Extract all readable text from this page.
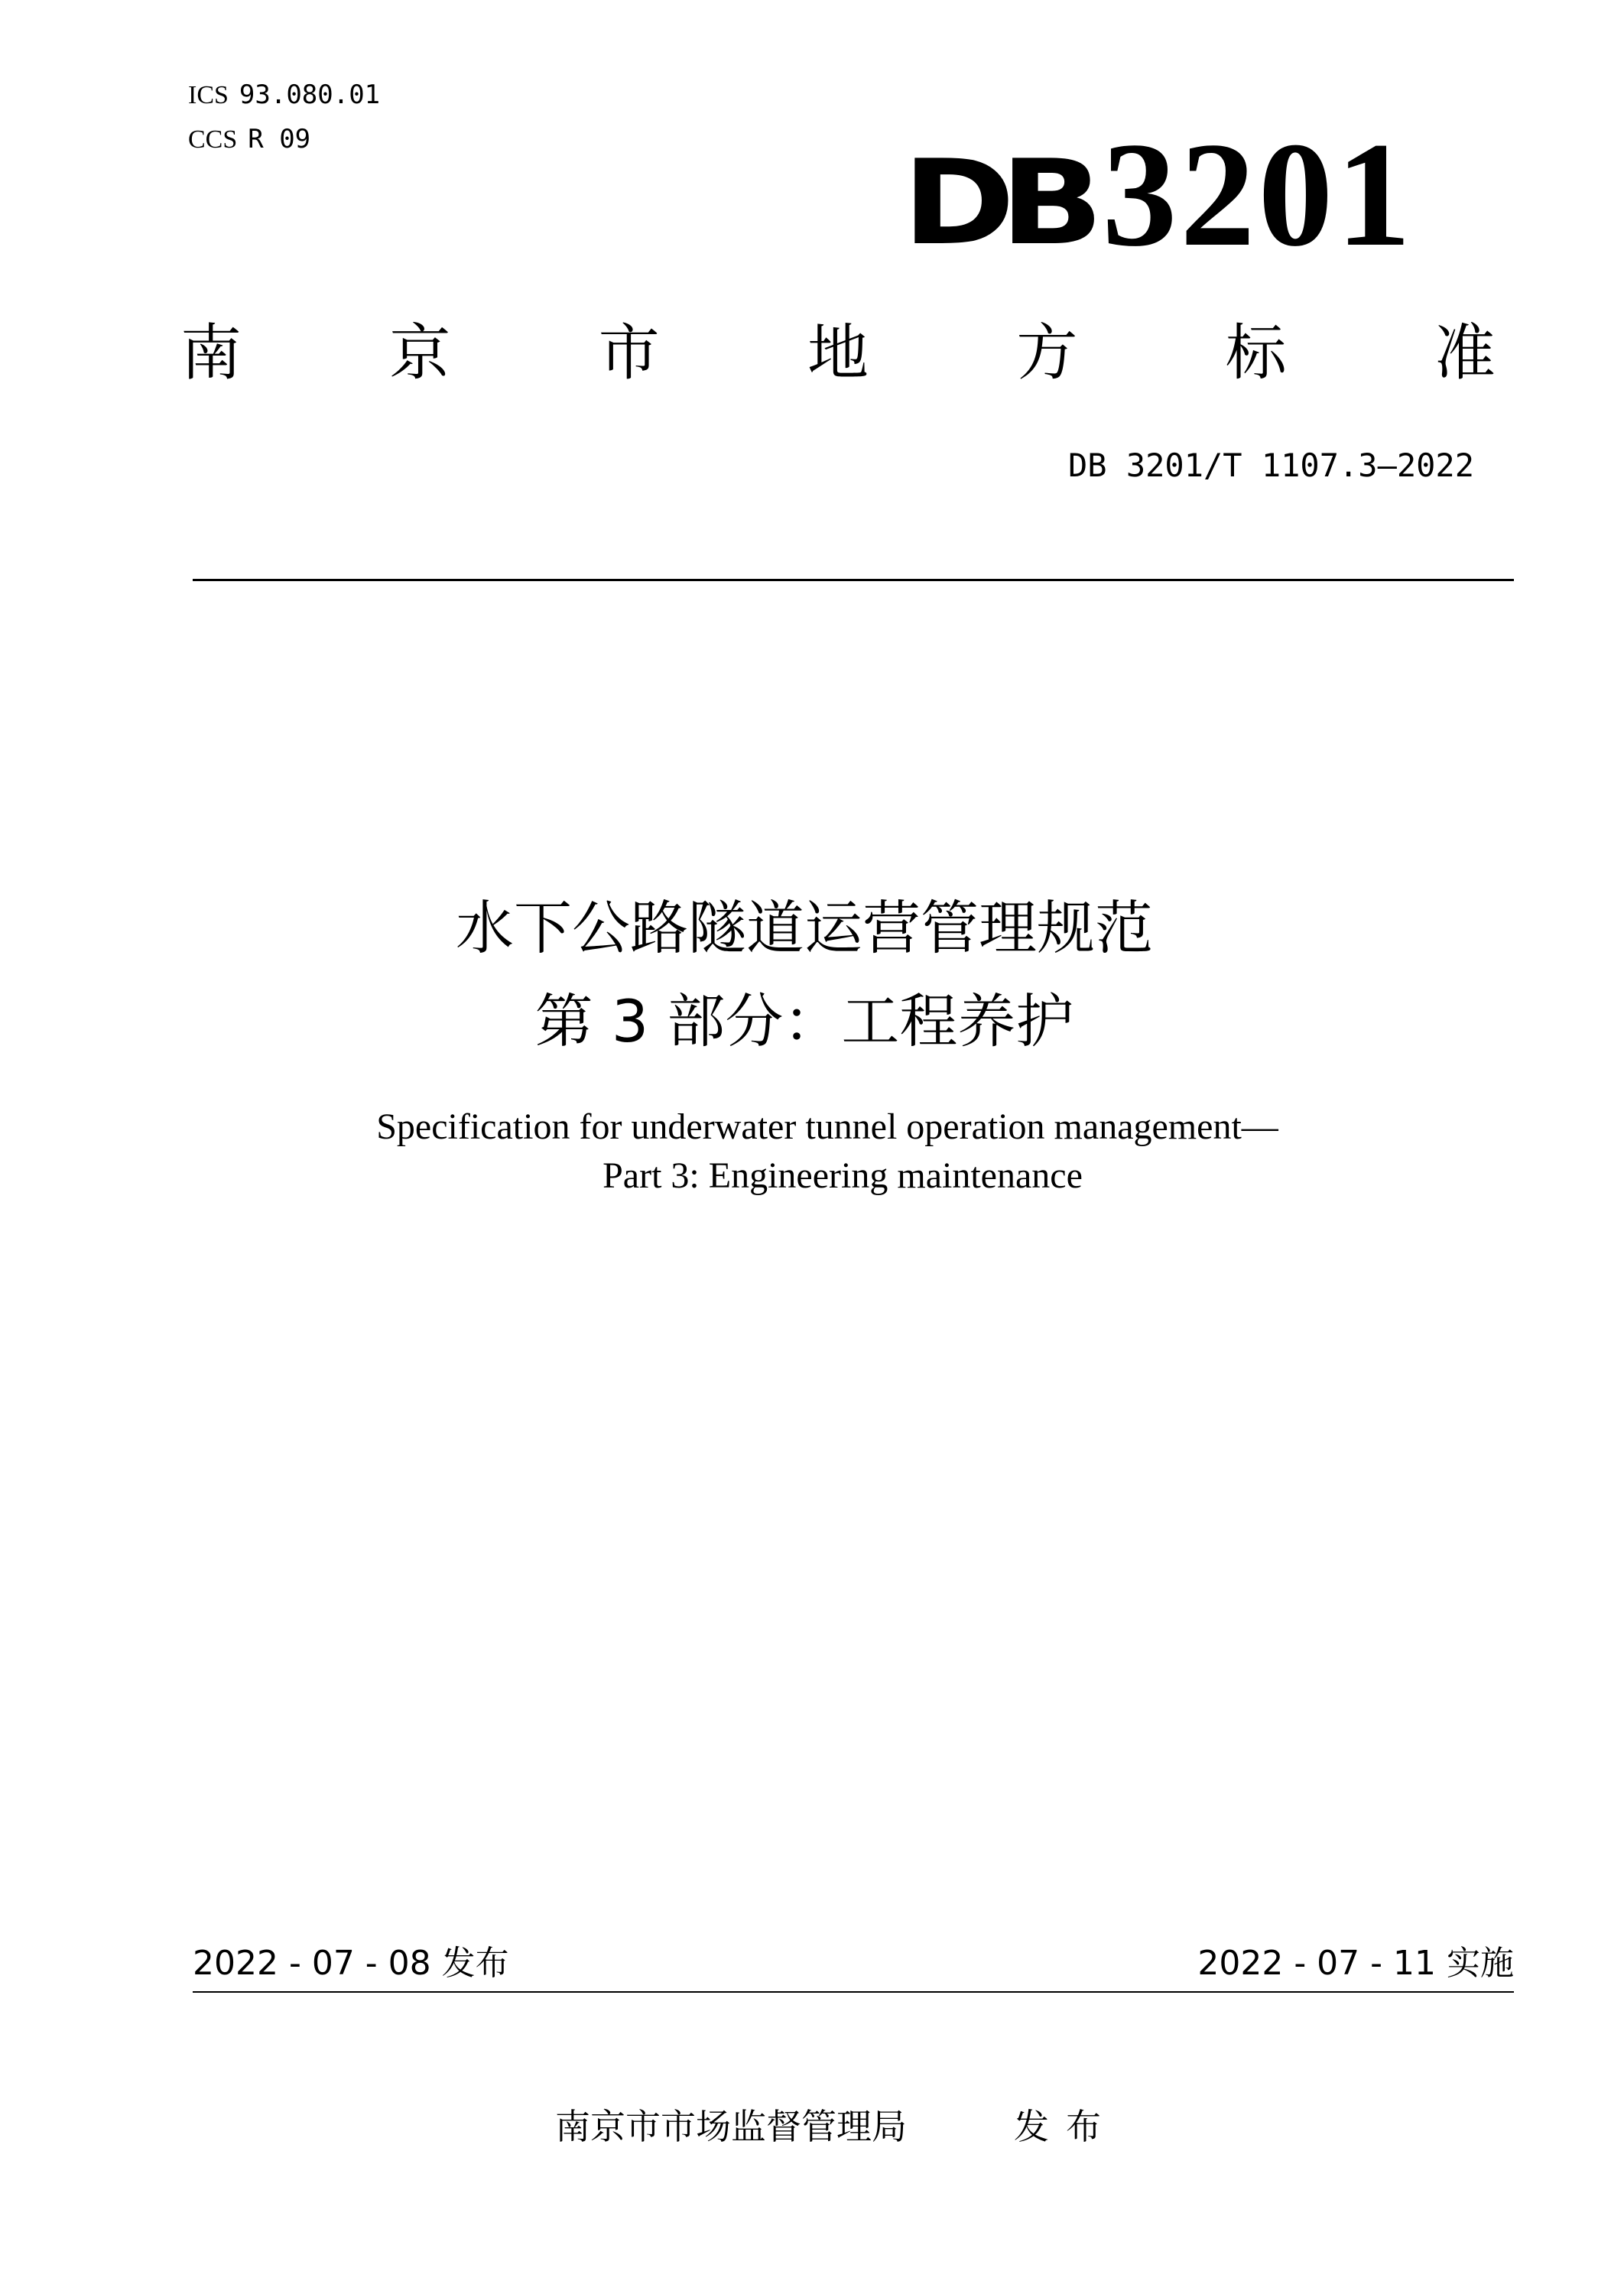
ICS 93.080.01
CCS R 09	DB 3201
南 京 市 地 方 标 准
DB 3201/T 1107.3—2022
水下公路隧道运营管理规范
第 3 部分：工程养护
Specification for underwater tunnel operation management—
Part 3: Engineering maintenance
2022 - 07 - 08 发布	2022 - 07 - 11 实施
南京市市场监督管理局	发布
